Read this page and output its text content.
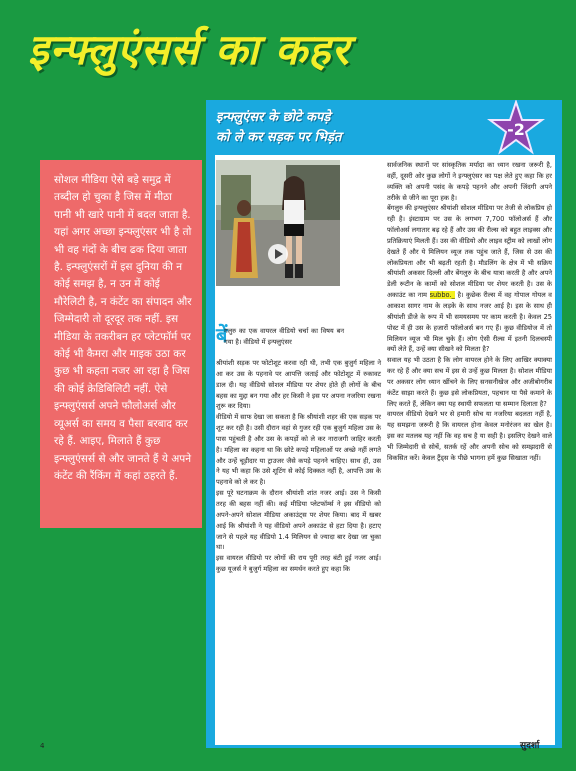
इन्फ्लुएंसर्स का कहर
इन्फ्लुएंसर के छोटे कपड़े
को ले कर सड़क पर भिड़ंत	-2
सोशल मीडिया ऐसे बड़े समुद्र में तब्दील हो चुका है जिस में मीठा पानी भी खारे पानी में बदल जाता है. यहां अगर अच्छा इन्फ्लुएंसर भी है तो भी वह गंदों के बीच ढक दिया जाता है. इन्फ्लुएंसरों में इस दुनिया की न कोई समझ है, न उन में कोई मौरेलिटी है, न कंटेंट का संपादन और जिम्मेदारी तो दूरदूर तक नहीं. इस मीडिया के तकरीबन हर प्लेटफॉर्म पर कोई भी कैमरा और माइक उठा कर कुछ भी कहता नजर आ रहा है जिस की कोई क्रेडिबिलिटी नहीं. ऐसे इन्फ्लुएंसर्स अपने फौलोअर्स और व्यूअर्स का समय व पैसा बरबाद कर रहे हैं. आइए, मिलाते हैं कुछ इन्फ्लुएंसर्स से और जानते हैं ये अपने कंटेंट की रैंकिंग में कहां ठहरते हैं.
बें

गलुरु का एक वायरल वीडियो चर्चा का विषय बन गया है। वीडियो में इन्फ्लुएंसर

श्रीयांशी सड़क पर फोटोशूट करवा रही थी, तभी एक बुजुर्ग महिला ने आ कर उस के पहनावे पर आपत्ति जताई और फोटोशूट में रुकावट डाल दी। यह वीडियो सोशल मीडिया पर शेयर होते ही लोगों के बीच बहस का मुद्दा बन गया और हर किसी ने इस पर अपना नजरिया रखना शुरू कर दिया।

वीडियो में साफ देखा जा सकता है कि श्रीयांशी शहर की एक सड़क पर शूट कर रही है। उसी दौरान वहां से गुजर रही एक बुजुर्ग महिला उस के पास पहुंचती है और उस के कपड़ों को ले कर नाराजगी जाहिर करती है। महिला का कहना था कि छोटे कपड़े महिलाओं पर अच्छे नहीं लगते और उन्हें चूड़ीदार या ट्राउजर जैसे कपड़े पहनने चाहिए। साथ ही, उस ने यह भी कहा कि उसे शूटिंग से कोई दिक्कत नहीं है, आपत्ति उस के पहनावे को ले कर है।

इस पूरे घटनाक्रम के दौरान श्रीयांशी शांत नजर आई। उस ने किसी तरह की बहस नहीं की। कई मीडिया प्लेटफॉर्म्स ने इस वीडियो को अपने-अपने सोशल मीडिया अकाउंट्स पर शेयर किया। बाद में खबर आई कि श्रीयांशी ने यह वीडियो अपने अकाउंट से हटा दिया है। हटाए जाने से पहले यह वीडियो 1.4 मिलियन से ज्यादा बार देखा जा चुका था।

इस वायरल वीडियो पर लोगों की राय पूरी तरह बंटी हुई नजर आई। कुछ यूजर्स ने बुजुर्ग महिला का समर्थन करते हुए कहा कि

सार्वजनिक स्थानों पर सांस्कृतिक मर्यादा का ध्यान रखना जरूरी है, वहीं, दूसरी ओर कुछ लोगों ने इन्फ्लुएंसर का पक्ष लेते हुए कहा कि हर व्यक्ति को अपनी पसंद के कपड़े पहनने और अपनी जिंदगी अपने तरीके से जीने का पूरा हक है।

बेंगलुरु की इन्फ्लुएंसर श्रीयांशी सोशल मीडिया पर तेजी से लोकप्रिय हो रही है। इंस्टाग्राम पर उस के लगभग 7,700 फॉलोअर्स हैं और फॉलोअर्स लगातार बढ़ रहे हैं और उस की रील्स को बहुत लाइक्स और प्रतिक्रियाएं मिलती हैं। उस की वीडियो और लाइव स्ट्रीम को लाखों लोग देखते हैं और ये मिलियन व्यूज तक पहुंच जाते हैं, जिस से उस की लोकप्रियता और भी बढ़ती रहती है। मौडलिंग के क्षेत्र में भी सक्रिय श्रीयांशी अकसर दिल्ली और बेंगलुरु के बीच यात्रा करती है और अपने डेली रूटीन के कामों को सोशल मीडिया पर शेयर करती है। उस के अकाउंट का नाम subbo._ है। कुछेक रील्स में वह गोपाल गोयल व आकाश सागर नाम के लड़के के साथ नजर आई है। इस के साथ ही श्रीयांशी डीजे के रूप में भी समयसमय पर काम करती है। केवल 25 पोस्ट में ही उस के हजारों फॉलोअर्स बन गए हैं। कुछ वीडियोज में तो मिलियन व्यूज भी मिल चुके हैं। लोग ऐसी रील्स में इतनी दिलचस्पी क्यों लेते हैं, उन्हें क्या सीखने को मिलता है?

सवाल यह भी उठता है कि लोग वायरल होने के लिए आखिर क्याक्या कर रहे हैं और क्या सच में इस से उन्हें कुछ मिलता है। सोशल मीडिया पर अकसर लोग ध्यान खींचने के लिए सनसनीखेज और अजीबोगरीब कंटेंट साझा करते हैं। कुछ इसे लोकप्रियता, पहचान या पैसे कमाने के लिए करते हैं, लेकिन क्या यह स्थायी सफलता या सम्मान दिलाता है?

वायरल वीडियो देखने भर से हमारी सोच या नजरिया बदलता नहीं है, यह समझना जरूरी है कि वायरल होना केवल मनोरंजन का खेल है। इस का मतलब यह नहीं कि वह सच है या सही है। इसलिए देखने वाले भी जिम्मेदारी से सोचें, सतर्क रहें और अपनी सोच को समझदारी से विकसित करें। केवल ट्रैंड्स के पीछे भागना हमें कुछ सिखाता नहीं।

4	सुदर्शा
